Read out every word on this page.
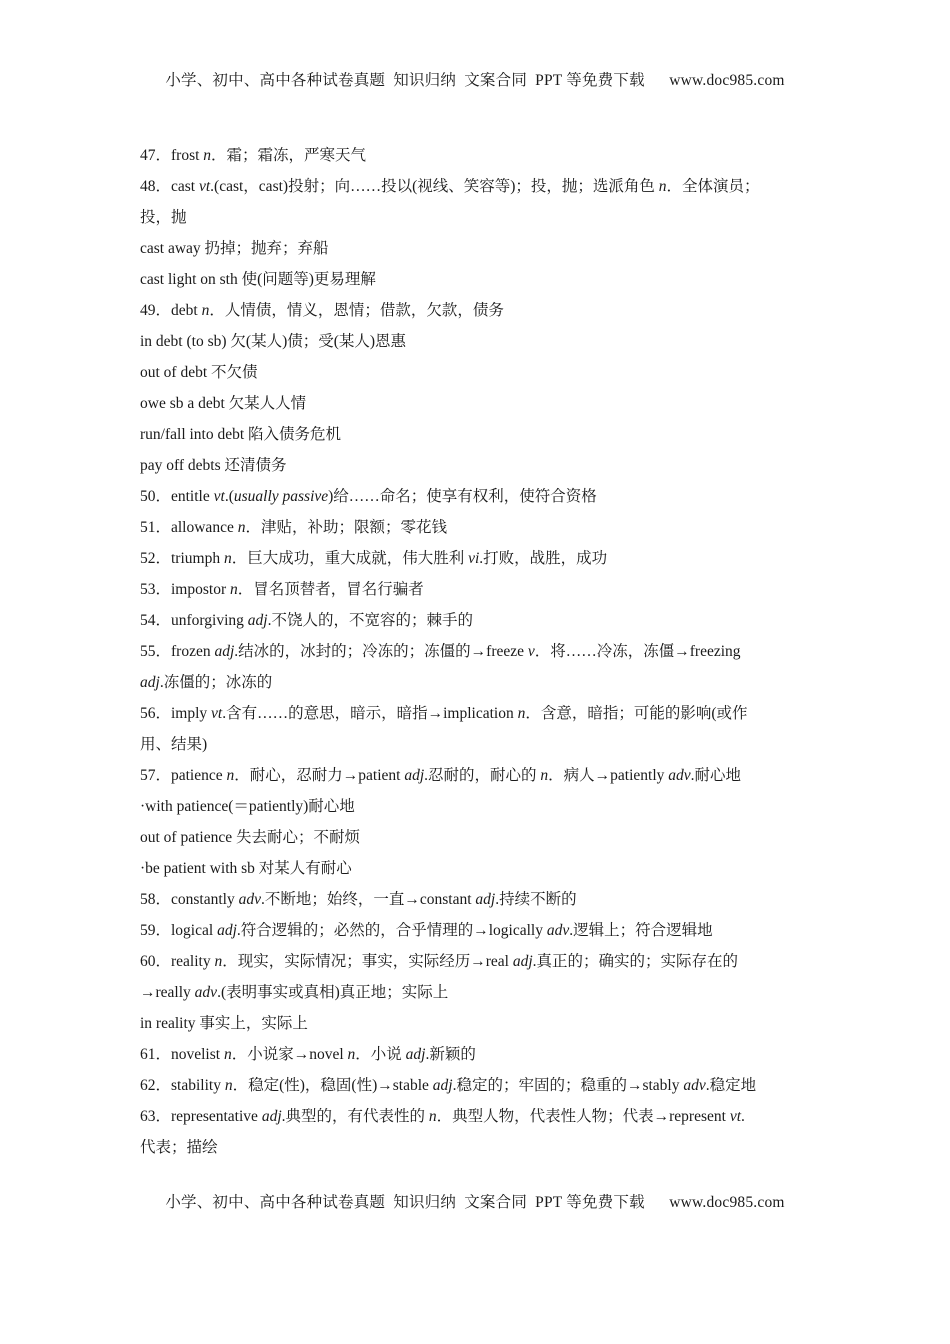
小学、初中、高中各种试卷真题  知识归纳  文案合同  PPT 等免费下载      www.doc985.com
47．frost n．霜；霜冻，严寒天气
48．cast vt.(cast，cast)投射；向……投以(视线、笑容等)；投，抛；选派角色 n．全体演员；
投，抛
cast away 扔掉；抛弃；弃船
cast light on sth 使(问题等)更易理解
49．debt n．人情债，情义，恩情；借款，欠款，债务
in debt (to sb) 欠(某人)债；受(某人)恩惠
out of debt 不欠债
owe sb a debt 欠某人人情
run/fall into debt 陷入债务危机
pay off debts 还清债务
50．entitle vt.(usually passive)给……命名；使享有权利，使符合资格
51．allowance n．津贴，补助；限额；零花钱
52．triumph n．巨大成功，重大成就，伟大胜利 vi.打败，战胜，成功
53．impostor n．冒名顶替者，冒名行骗者
54．unforgiving adj.不饶人的，不宽容的；棘手的
55．frozen adj.结冰的，冰封的；冷冻的；冻僵的→freeze v．将……冷冻，冻僵→freezing
adj.冻僵的；冰冻的
56．imply vt.含有……的意思，暗示，暗指→implication n．含意，暗指；可能的影响(或作
用、结果)
57．patience n．耐心，忍耐力→patient adj.忍耐的，耐心的 n．病人→patiently adv.耐心地
·with patience(＝patiently)耐心地
out of patience 失去耐心；不耐烦
·be patient with sb 对某人有耐心
58．constantly adv.不断地；始终，一直→constant adj.持续不断的
59．logical adj.符合逻辑的；必然的，合乎情理的→logically adv.逻辑上；符合逻辑地
60．reality n．现实，实际情况；事实，实际经历→real adj.真正的；确实的；实际存在的
→really adv.(表明事实或真相)真正地；实际上
in reality 事实上，实际上
61．novelist n．小说家→novel n．小说 adj.新颖的
62．stability n．稳定(性)，稳固(性)→stable adj.稳定的；牢固的；稳重的→stably adv.稳定地
63．representative adj.典型的，有代表性的 n．典型人物，代表性人物；代表→represent vt.
代表；描绘
小学、初中、高中各种试卷真题  知识归纳  文案合同  PPT 等免费下载      www.doc985.com
